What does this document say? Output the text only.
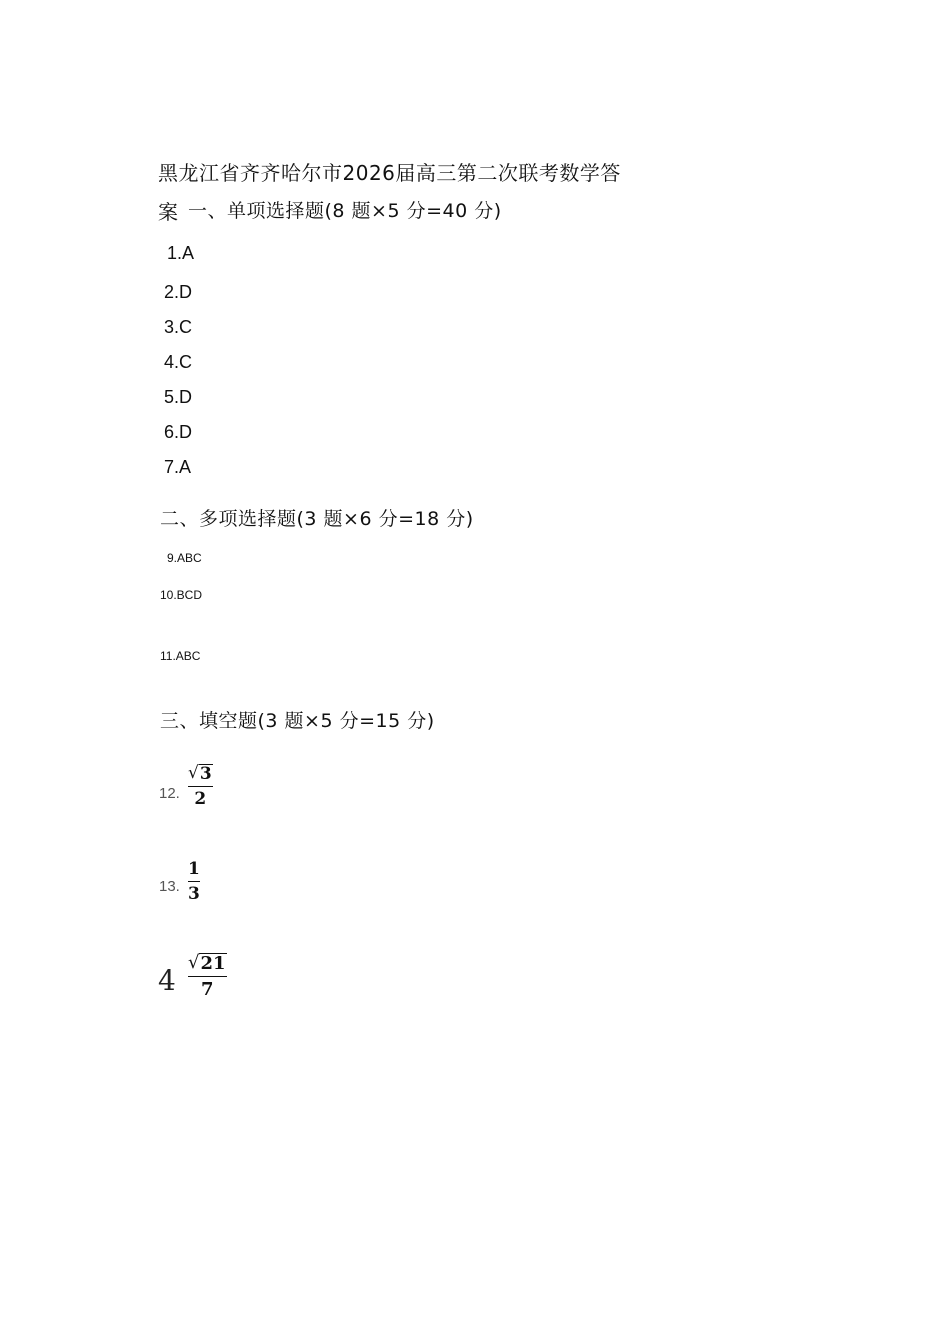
黑龙江省齐齐哈尔市2026届高三第二次联考数学答
案 一、单项选择题(8 题×5 分=40 分)
1.A
2.D
3.C
4.C
5.D
6.D
7.A
二、多项选择题(3 题×6 分=18 分)
9.ABC
10.BCD
11.ABC
三、填空题(3 题×5 分=15 分)
12.
√ 3
2
13.
1
3
4
√ 21
7
